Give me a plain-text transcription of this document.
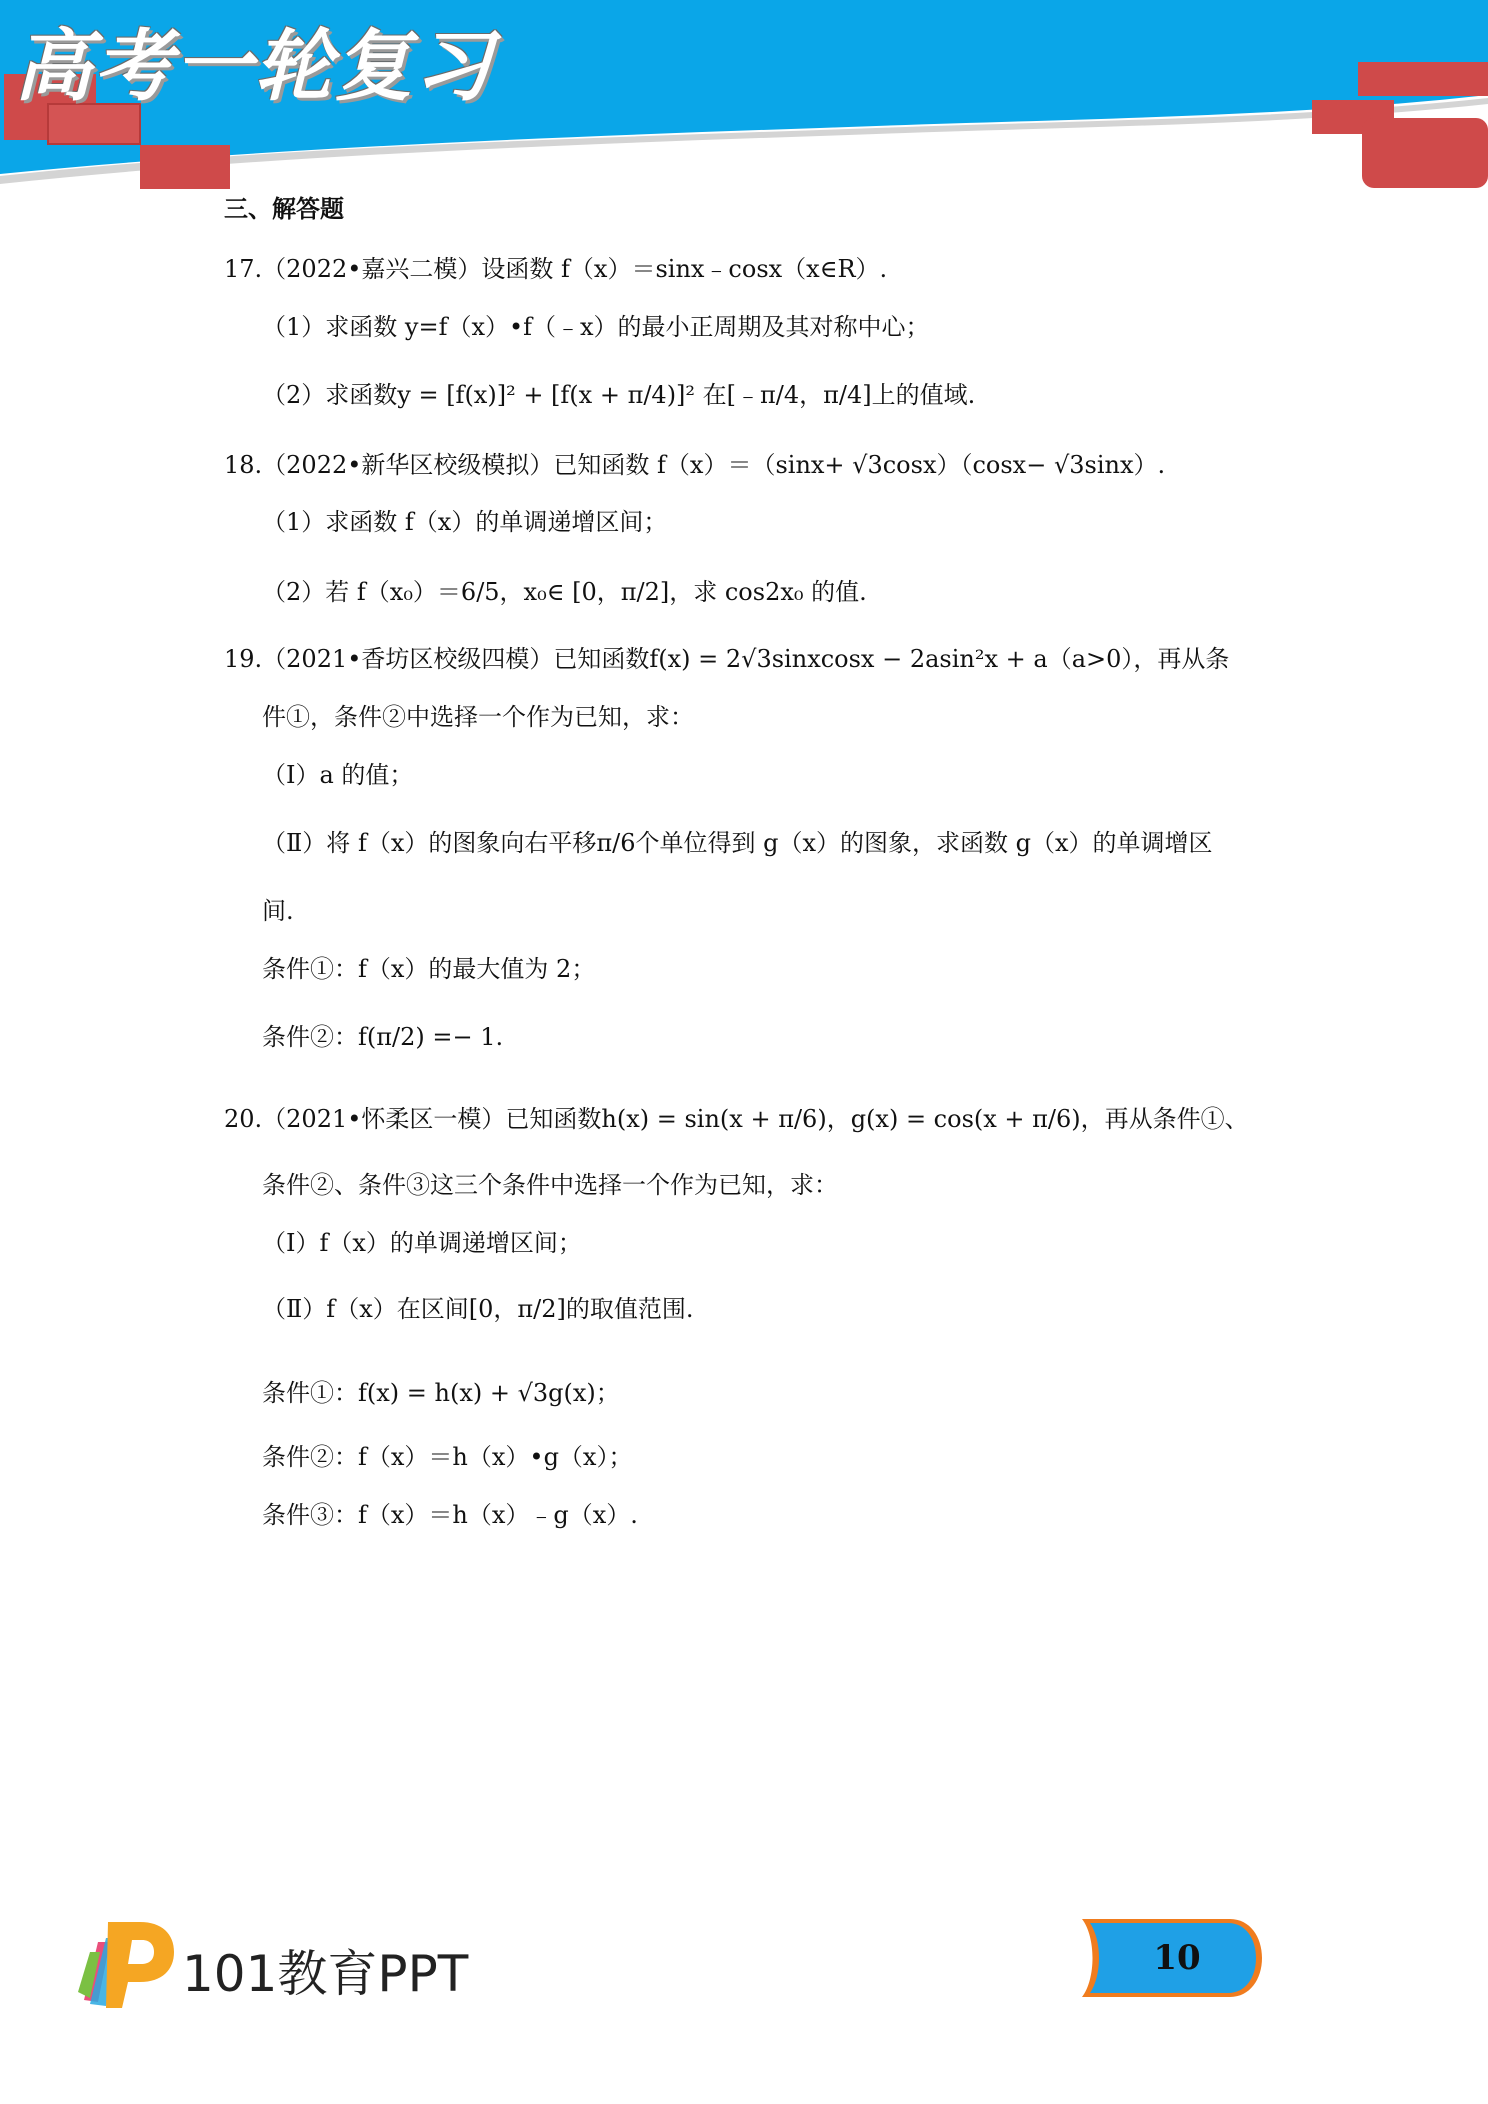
高考一轮复习
三、解答题
17.（2022•嘉兴二模）设函数 f（x）＝sinx﹣cosx（x∈R）.
（1）求函数 y=f（x）•f（﹣x）的最小正周期及其对称中心；
（2）求函数y = [f(x)]² + [f(x + π/4)]² 在[﹣π/4，π/4]上的值域.
18.（2022•新华区校级模拟）已知函数 f（x）＝（sinx+ √3cosx）（cosx− √3sinx）.
（1）求函数 f（x）的单调递增区间；
（2）若 f（x₀）＝6/5，x₀∈ [0，π/2]，求 cos2x₀ 的值.
19.（2021•香坊区校级四模）已知函数f(x) = 2√3sinxcosx − 2asin²x + a（a>0），再从条
件①，条件②中选择一个作为已知，求：
（Ⅰ）a 的值；
（Ⅱ）将 f（x）的图象向右平移π/6个单位得到 g（x）的图象，求函数 g（x）的单调增区
间.
条件①：f（x）的最大值为 2；
条件②：f(π/2) =− 1.
20.（2021•怀柔区一模）已知函数h(x) = sin(x + π/6)，g(x) = cos(x + π/6)，再从条件①、
条件②、条件③这三个条件中选择一个作为已知，求：
（Ⅰ）f（x）的单调递增区间；
（Ⅱ）f（x）在区间[0，π/2]的取值范围.
条件①：f(x) = h(x) + √3g(x)；
条件②：f（x）＝h（x）•g（x）；
条件③：f（x）＝h（x）﹣g（x）.
101教育PPT	10
